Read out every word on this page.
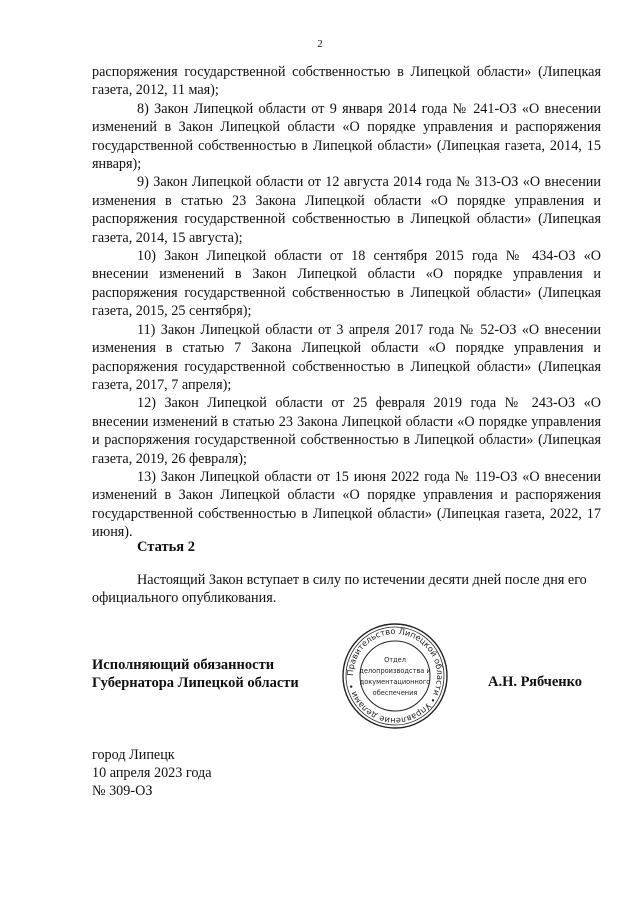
2

распоряжения государственной собственностью в Липецкой области» (Липецкая газета, 2012, 11 мая);

8) Закон Липецкой области от 9 января 2014 года № 241-ОЗ «О внесении изменений в Закон Липецкой области «О порядке управления и распоряжения государственной собственностью в Липецкой области» (Липецкая газета, 2014, 15 января);

9) Закон Липецкой области от 12 августа 2014 года № 313-ОЗ «О внесении изменения в статью 23 Закона Липецкой области «О порядке управления и распоряжения государственной собственностью в Липецкой области» (Липецкая газета, 2014, 15 августа);

10) Закон Липецкой области от 18 сентября 2015 года № 434-ОЗ «О внесении изменений в Закон Липецкой области «О порядке управления и распоряжения государственной собственностью в Липецкой области» (Липецкая газета, 2015, 25 сентября);

11) Закон Липецкой области от 3 апреля 2017 года № 52-ОЗ «О внесении изменения в статью 7 Закона Липецкой области «О порядке управления и распоряжения государственной собственностью в Липецкой области» (Липецкая газета, 2017, 7 апреля);

12) Закон Липецкой области от 25 февраля 2019 года № 243-ОЗ «О внесении изменений в статью 23 Закона Липецкой области «О порядке управления и распоряжения государственной собственностью в Липецкой области» (Липецкая газета, 2019, 26 февраля);

13) Закон Липецкой области от 15 июня 2022 года № 119-ОЗ «О внесении изменений в Закон Липецкой области «О порядке управления и распоряжения государственной собственностью в Липецкой области» (Липецкая газета, 2022, 17 июня).

Статья 2

Настоящий Закон вступает в силу по истечении десяти дней после дня его официального опубликования.

Исполняющий обязанности
Губернатора Липецкой области
Правительство Липецкой области • Управление делами •
Отдел
делопроизводства и
документационного
обеспечения
А.Н. Рябченко
город Липецк
10 апреля 2023 года
№ 309-ОЗ
